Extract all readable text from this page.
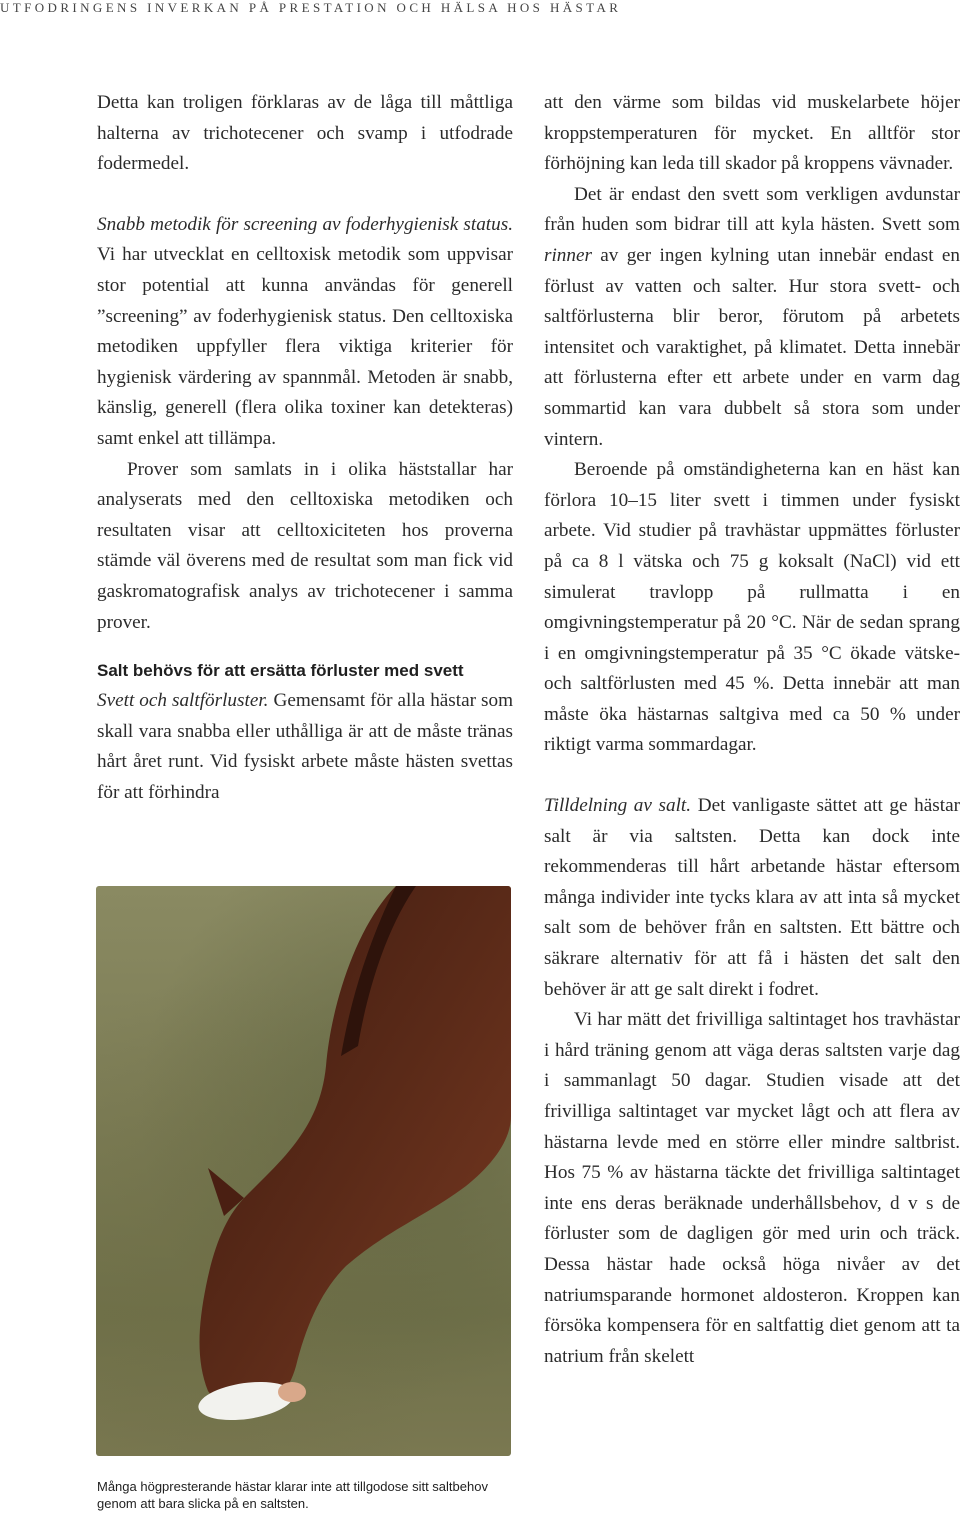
UTFODRINGENS INVERKAN PÅ PRESTATION OCH HÄLSA HOS HÄSTAR

Detta kan troligen förklaras av de låga till måttliga halterna av trichotecener och svamp i utfodrade fodermedel.

Snabb metodik för screening av foderhygienisk status. Vi har utvecklat en celltoxisk metodik som uppvisar stor potential att kunna användas för generell ”screening” av foderhygienisk status. Den celltoxiska metodiken uppfyller flera viktiga kriterier för hygienisk värdering av spannmål. Metoden är snabb, känslig, generell (flera olika toxiner kan detekteras) samt enkel att tillämpa.

Prover som samlats in i olika häststallar har analyserats med den celltoxiska metodiken och resultaten visar att celltoxiciteten hos proverna stämde väl överens med de resultat som man fick vid gaskromatografisk analys av trichotecener i samma prover.

Salt behövs för att ersätta förluster med svett

Svett och saltförluster. Gemensamt för alla hästar som skall vara snabba eller uthålliga är att de måste tränas hårt året runt. Vid fysiskt arbete måste hästen svettas för att förhindra

att den värme som bildas vid muskelarbete höjer kroppstemperaturen för mycket. En alltför stor förhöjning kan leda till skador på kroppens vävnader.

Det är endast den svett som verkligen avdunstar från huden som bidrar till att kyla hästen. Svett som rinner av ger ingen kylning utan innebär endast en förlust av vatten och salter. Hur stora svett- och saltförlusterna blir beror, förutom på arbetets intensitet och varaktighet, på klimatet. Detta innebär att förlusterna efter ett arbete under en varm dag sommartid kan vara dubbelt så stora som under vintern.

Beroende på omständigheterna kan en häst kan förlora 10–15 liter svett i timmen under fysiskt arbete. Vid studier på travhästar uppmättes förluster på ca 8 l vätska och 75 g koksalt (NaCl) vid ett simulerat travlopp på rullmatta i en omgivningstemperatur på 20 °C. När de sedan sprang i en omgivningstemperatur på 35 °C ökade vätske- och saltförlusten med 45 %. Detta innebär att man måste öka hästarnas saltgiva med ca 50 % under riktigt varma sommardagar.

Tilldelning av salt. Det vanligaste sättet att ge hästar salt är via saltsten. Detta kan dock inte rekommenderas till hårt arbetande hästar eftersom många individer inte tycks klara av att inta så mycket salt som de behöver från en saltsten. Ett bättre och säkrare alternativ för att få i hästen det salt den behöver är att ge salt direkt i fodret.

Vi har mätt det frivilliga saltintaget hos travhästar i hård träning genom att väga deras saltsten varje dag i sammanlagt 50 dagar. Studien visade att det frivilliga saltintaget var mycket lågt och att flera av hästarna levde med en större eller mindre saltbrist. Hos 75 % av hästarna täckte det frivilliga saltintaget inte ens deras beräknade underhållsbehov, d v s de förluster som de dagligen gör med urin och träck. Dessa hästar hade också höga nivåer av det natriumsparande hormonet aldosteron. Kroppen kan försöka kompensera för en saltfattig diet genom att ta natrium från skelett

Många högpresterande hästar klarar inte att tillgodose sitt saltbehov genom att bara slicka på en saltsten.
